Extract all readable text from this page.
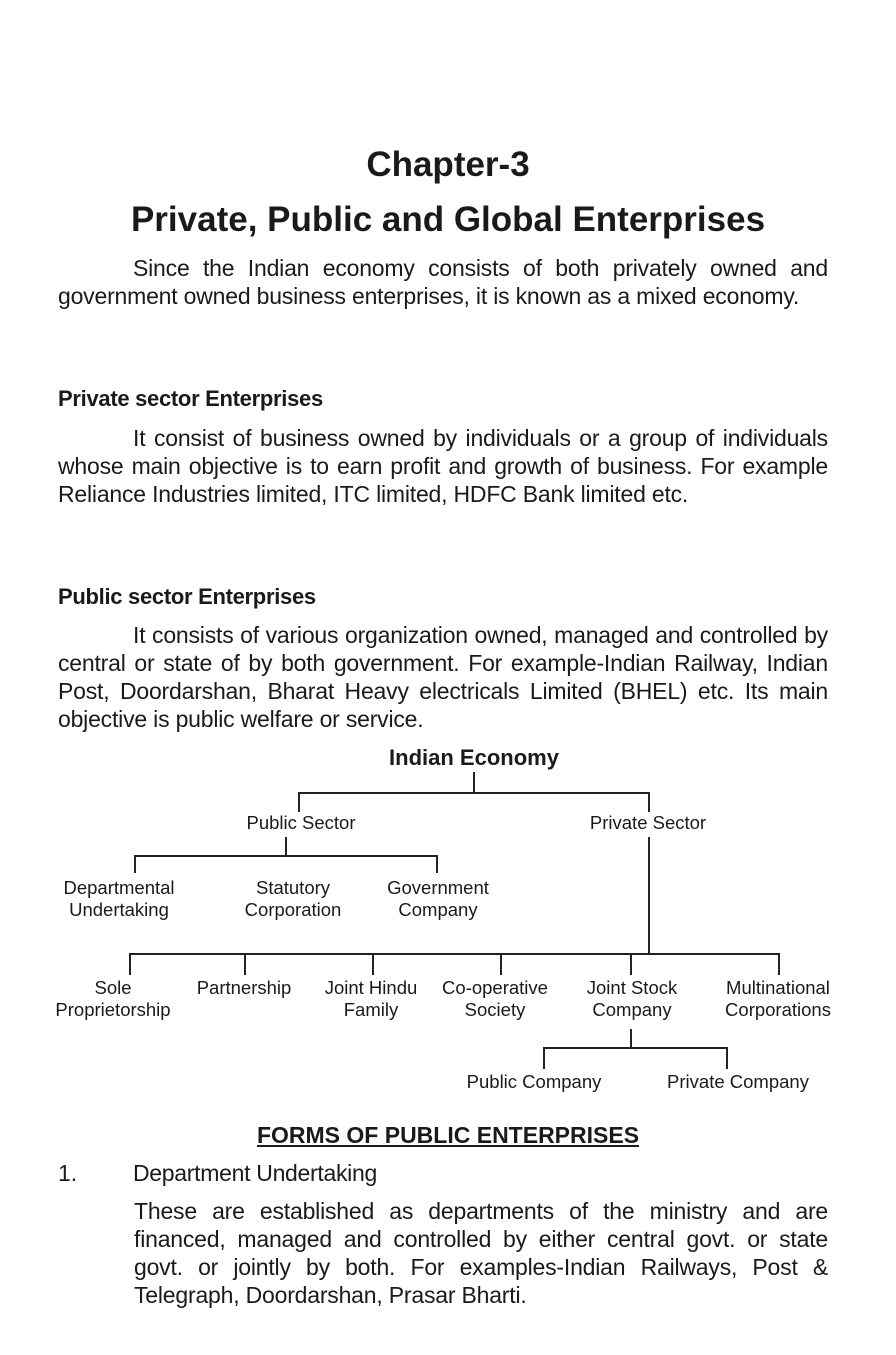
Chapter-3
Private, Public and Global Enterprises
Since the Indian economy consists of both privately owned and government owned business enterprises, it is known as a mixed economy.
Private sector Enterprises
It consist of business owned by individuals or a group of individuals whose main objective is to earn profit and growth of business. For example Reliance Industries limited, ITC limited, HDFC Bank limited etc.
Public sector Enterprises
It consists of various organization owned, managed and controlled by central or state of by both government. For example-Indian Railway, Indian Post, Doordarshan, Bharat Heavy electricals Limited (BHEL) etc. Its main objective is public welfare or service.
Indian Economy
Public Sector	Private Sector
Departmental
Undertaking
Statutory
Corporation
Government
Company
Sole
Proprietorship
Partnership Joint Hindu
Family
Co-operative
Society
Joint Stock
Company
Multinational
Corporations
Public Company	Private Company
FORMS OF PUBLIC ENTERPRISES
1. Department Undertaking
These are established as departments of the ministry and are financed, managed and controlled by either central govt. or state govt. or jointly by both. For examples-Indian Railways, Post & Telegraph, Doordarshan, Prasar Bharti.
